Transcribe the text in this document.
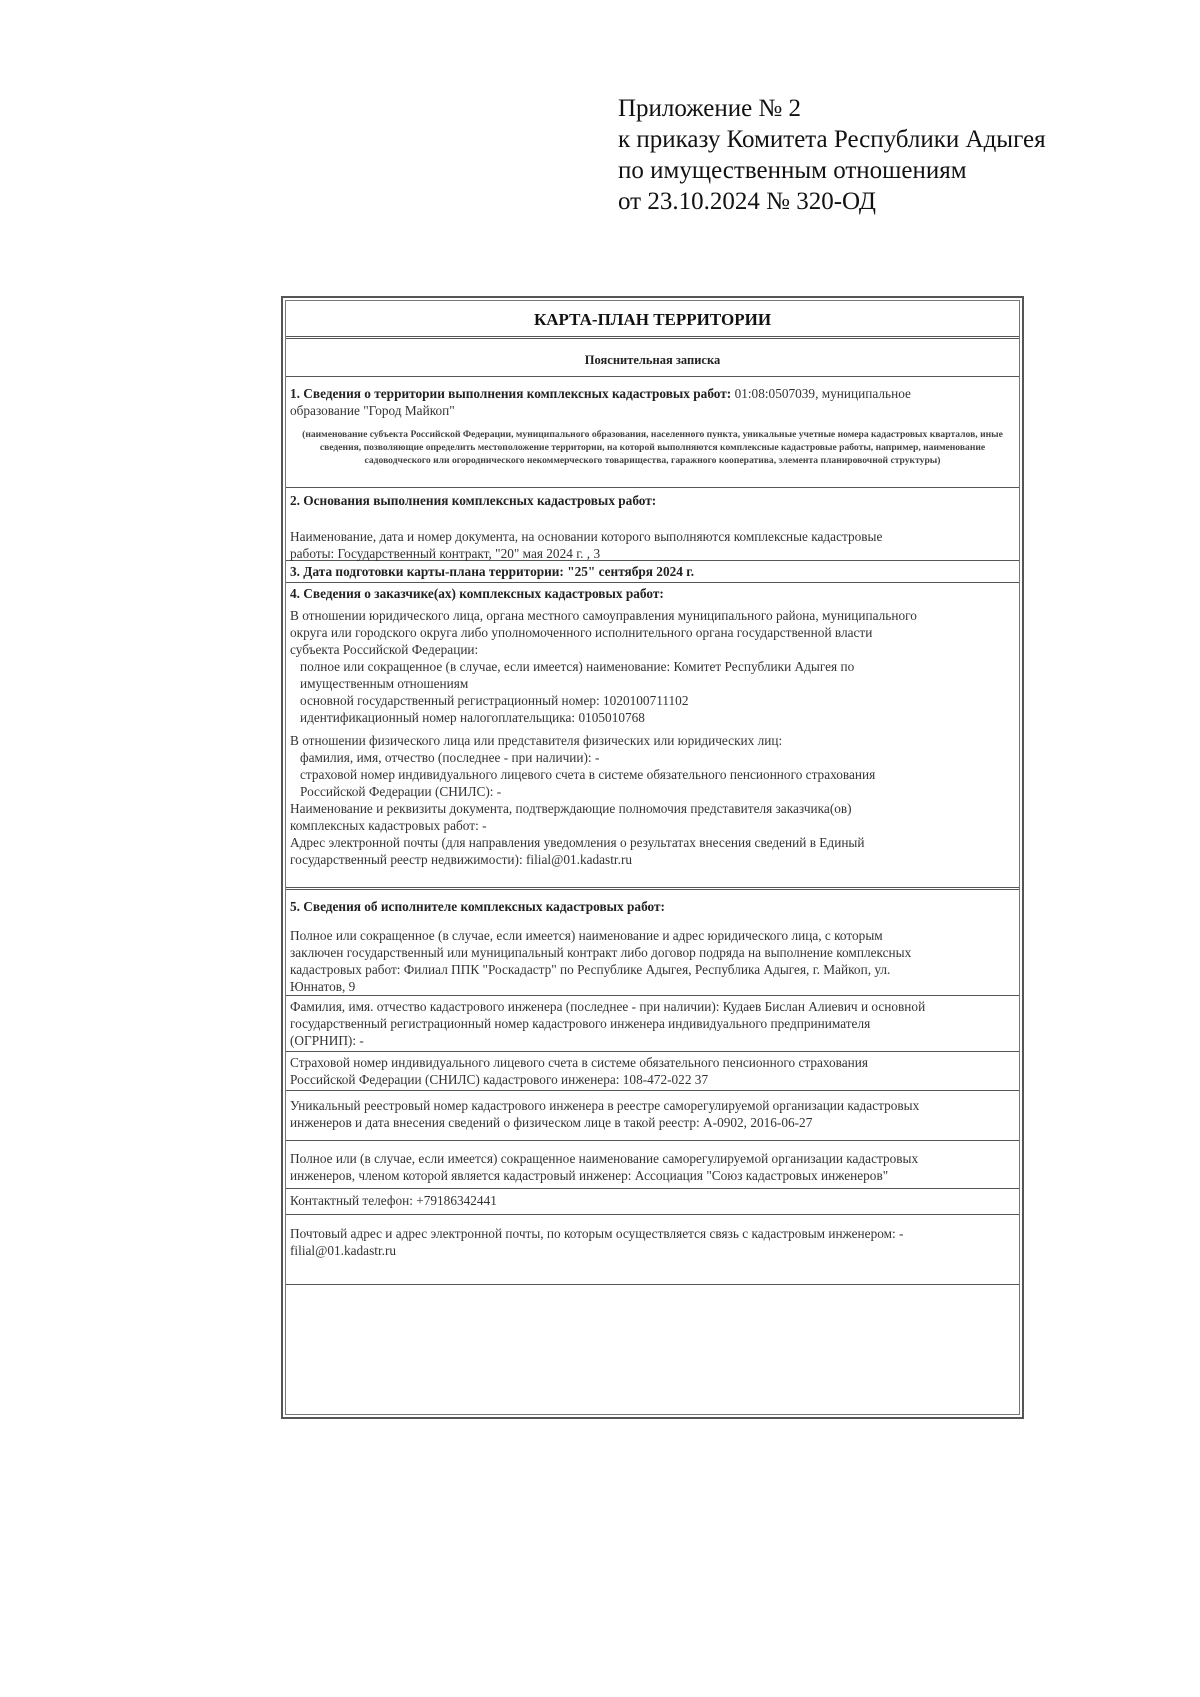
Приложение № 2
к приказу Комитета Республики Адыгея
по имущественным отношениям
от 23.10.2024 № 320-ОД
КАРТА-ПЛАН ТЕРРИТОРИИ
Пояснительная записка

1. Сведения о территории выполнения комплексных кадастровых работ: 01:08:0507039, муниципальное

образование "Город Майкоп"

(наименование субъекта Российской Федерации, муниципального образования, населенного пункта, уникальные учетные номера кадастровых кварталов, иные сведения, позволяющие определить местоположение территории, на которой выполняются комплексные кадастровые работы, например, наименование садоводческого или огороднического некоммерческого товарищества, гаражного кооператива, элемента планировочной структуры)

2. Основания выполнения комплексных кадастровых работ:

Наименование, дата и номер документа, на основании которого выполняются комплексные кадастровые

работы: Государственный контракт, "20" мая 2024 г. , 3

3. Дата подготовки карты-плана территории: "25" сентября 2024 г.

4. Сведения о заказчике(ах) комплексных кадастровых работ:

В отношении юридического лица, органа местного самоуправления муниципального района, муниципального

округа или городского округа либо уполномоченного исполнительного органа государственной власти

субъекта Российской Федерации:

полное или сокращенное (в случае, если имеется) наименование: Комитет Республики Адыгея по

имущественным отношениям

основной государственный регистрационный номер: 1020100711102

идентификационный номер налогоплательщика: 0105010768

В отношении физического лица или представителя физических или юридических лиц:

фамилия, имя, отчество (последнее - при наличии): -

страховой номер индивидуального лицевого счета в системе обязательного пенсионного страхования

Российской Федерации (СНИЛС): -

Наименование и реквизиты документа, подтверждающие полномочия представителя заказчика(ов)

комплексных кадастровых работ: -

Адрес электронной почты (для направления уведомления о результатах внесения сведений в Единый

государственный реестр недвижимости): filial@01.kadastr.ru

5. Сведения об исполнителе комплексных кадастровых работ:

Полное или сокращенное (в случае, если имеется) наименование и адрес юридического лица, с которым

заключен государственный или муниципальный контракт либо договор подряда на выполнение комплексных

кадастровых работ: Филиал ППК "Роскадастр" по Республике Адыгея, Республика Адыгея, г. Майкоп, ул.

Юннатов, 9

Фамилия, имя. отчество кадастрового инженера (последнее - при наличии): Кудаев Бислан Алиевич и основной

государственный регистрационный номер кадастрового инженера индивидуального предпринимателя

(ОГРНИП): -

Страховой номер индивидуального лицевого счета в системе обязательного пенсионного страхования

Российской Федерации (СНИЛС) кадастрового инженера: 108-472-022 37

Уникальный реестровый номер кадастрового инженера в реестре саморегулируемой организации кадастровых

инженеров и дата внесения сведений о физическом лице в такой реестр: А-0902, 2016-06-27

Полное или (в случае, если имеется) сокращенное наименование саморегулируемой организации кадастровых

инженеров, членом которой является кадастровый инженер: Ассоциация "Союз кадастровых инженеров"

Контактный телефон: +79186342441

Почтовый адрес и адрес электронной почты, по которым осуществляется связь с кадастровым инженером: -

filial@01.kadastr.ru
